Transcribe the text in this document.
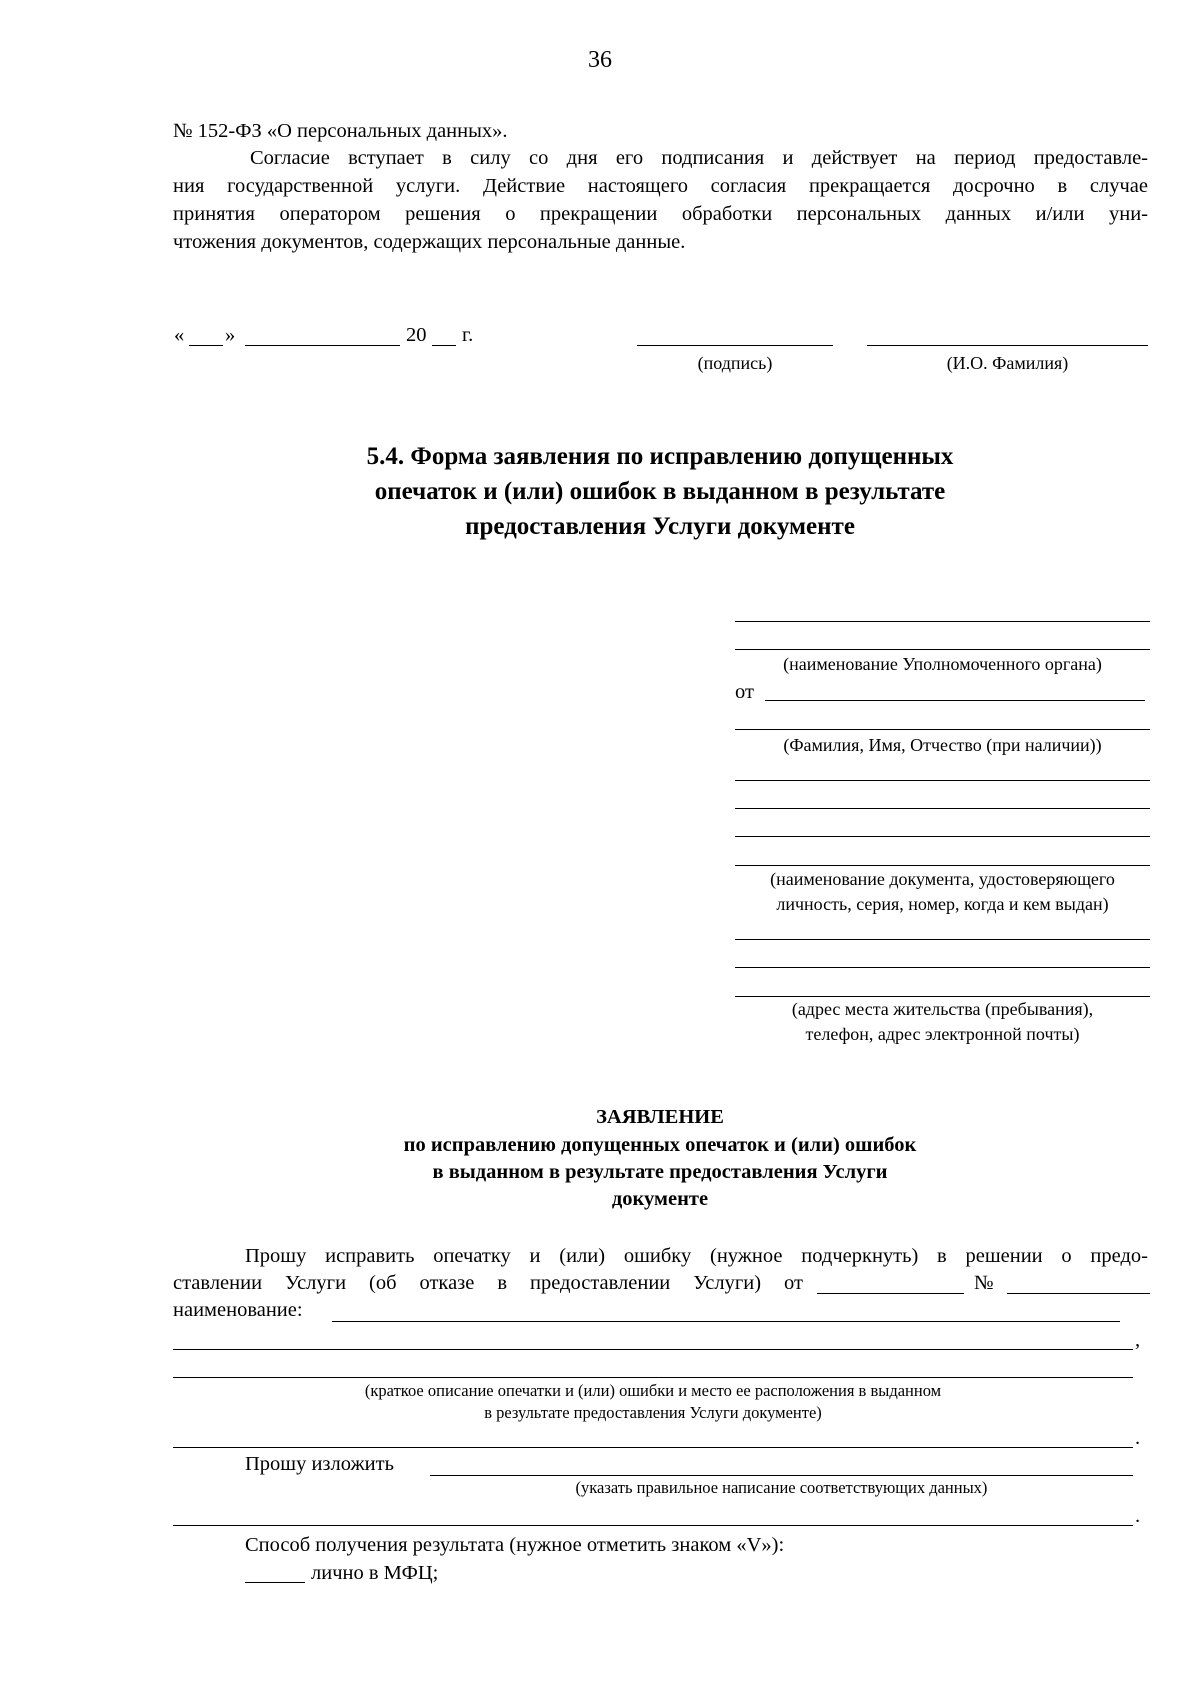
36
№ 152-ФЗ «О персональных данных».
Согласие вступает в силу со дня его подписания и действует на период предоставле-
ния государственной услуги. Действие настоящего согласия прекращается досрочно в случае
принятия оператором решения о прекращении обработки персональных данных и/или уни-
чтожения документов, содержащих персональные данные.
« »	20 г.
(подпись)	(И.О. Фамилия)
5.4. Форма заявления по исправлению допущенных
опечаток и (или) ошибок в выданном в результате
предоставления Услуги документе
(наименование Уполномоченного органа)
от
(Фамилия, Имя, Отчество (при наличии))
(наименование документа, удостоверяющего
личность, серия, номер, когда и кем выдан)
(адрес места жительства (пребывания),
телефон, адрес электронной почты)
ЗАЯВЛЕНИЕ
по исправлению допущенных опечаток и (или) ошибок
в выданном в результате предоставления Услуги
документе
Прошу исправить опечатку и (или) ошибку (нужное подчеркнуть) в решении о предо-
ставлении Услуги (об отказе в предоставлении Услуги) от	№
наименование:
,
(краткое описание опечатки и (или) ошибки и место ее расположения в выданном
в результате предоставления Услуги документе)
.
Прошу изложить
(указать правильное написание соответствующих данных)
.
Способ получения результата (нужное отметить знаком «V»):
лично в МФЦ;
